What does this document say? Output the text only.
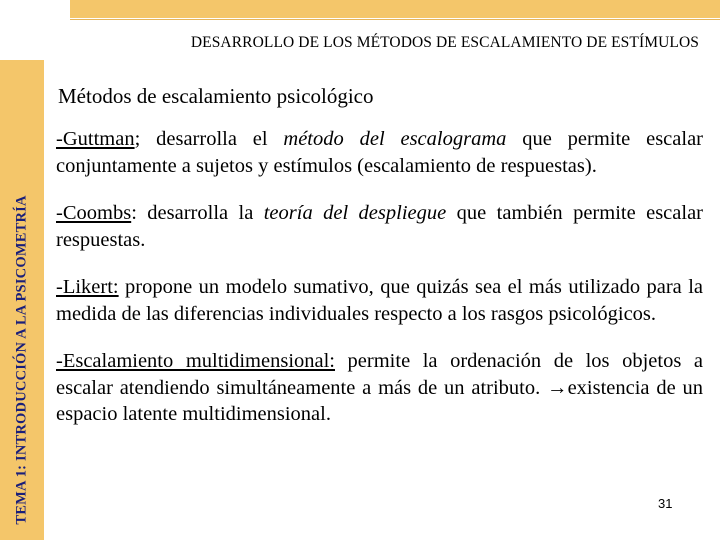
DESARROLLO DE LOS MÉTODOS DE ESCALAMIENTO DE ESTÍMULOS
TEMA 1: INTRODUCCIÓN A LA PSICOMETRÍA
Métodos de escalamiento psicológico

-Guttman; desarrolla el método del escalograma que permite escalar conjuntamente a sujetos y estímulos (escalamiento de respuestas).

-Coombs: desarrolla la teoría del despliegue que también permite escalar respuestas.

-Likert: propone un modelo sumativo, que quizás sea el más utilizado para la medida de las diferencias individuales respecto a los rasgos psicológicos.

-Escalamiento multidimensional: permite la ordenación de los objetos a escalar atendiendo simultáneamente a más de un atributo. →existencia de un espacio latente multidimensional.

31
